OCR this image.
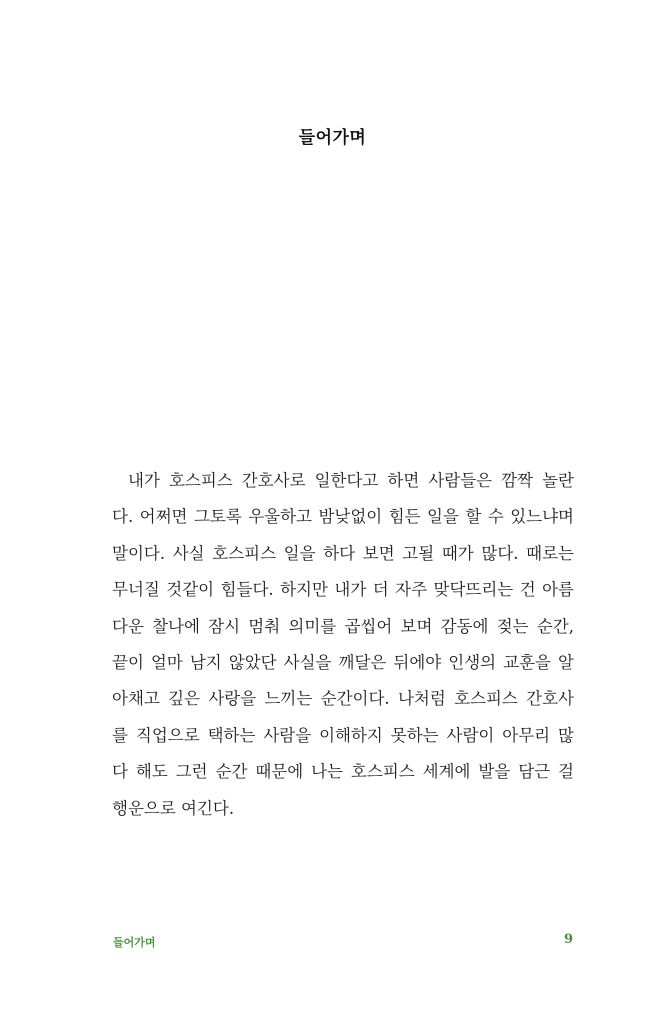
들어가며
내가 호스피스 간호사로 일한다고 하면 사람들은 깜짝 놀란
다. 어쩌면 그토록 우울하고 밤낮없이 힘든 일을 할 수 있느냐며
말이다. 사실 호스피스 일을 하다 보면 고될 때가 많다. 때로는
무너질 것같이 힘들다. 하지만 내가 더 자주 맞닥뜨리는 건 아름
다운 찰나에 잠시 멈춰 의미를 곱씹어 보며 감동에 젖는 순간,
끝이 얼마 남지 않았단 사실을 깨달은 뒤에야 인생의 교훈을 알
아채고 깊은 사랑을 느끼는 순간이다. 나처럼 호스피스 간호사
를 직업으로 택하는 사람을 이해하지 못하는 사람이 아무리 많
다 해도 그런 순간 때문에 나는 호스피스 세계에 발을 담근 걸
행운으로 여긴다.
들어가며	9
